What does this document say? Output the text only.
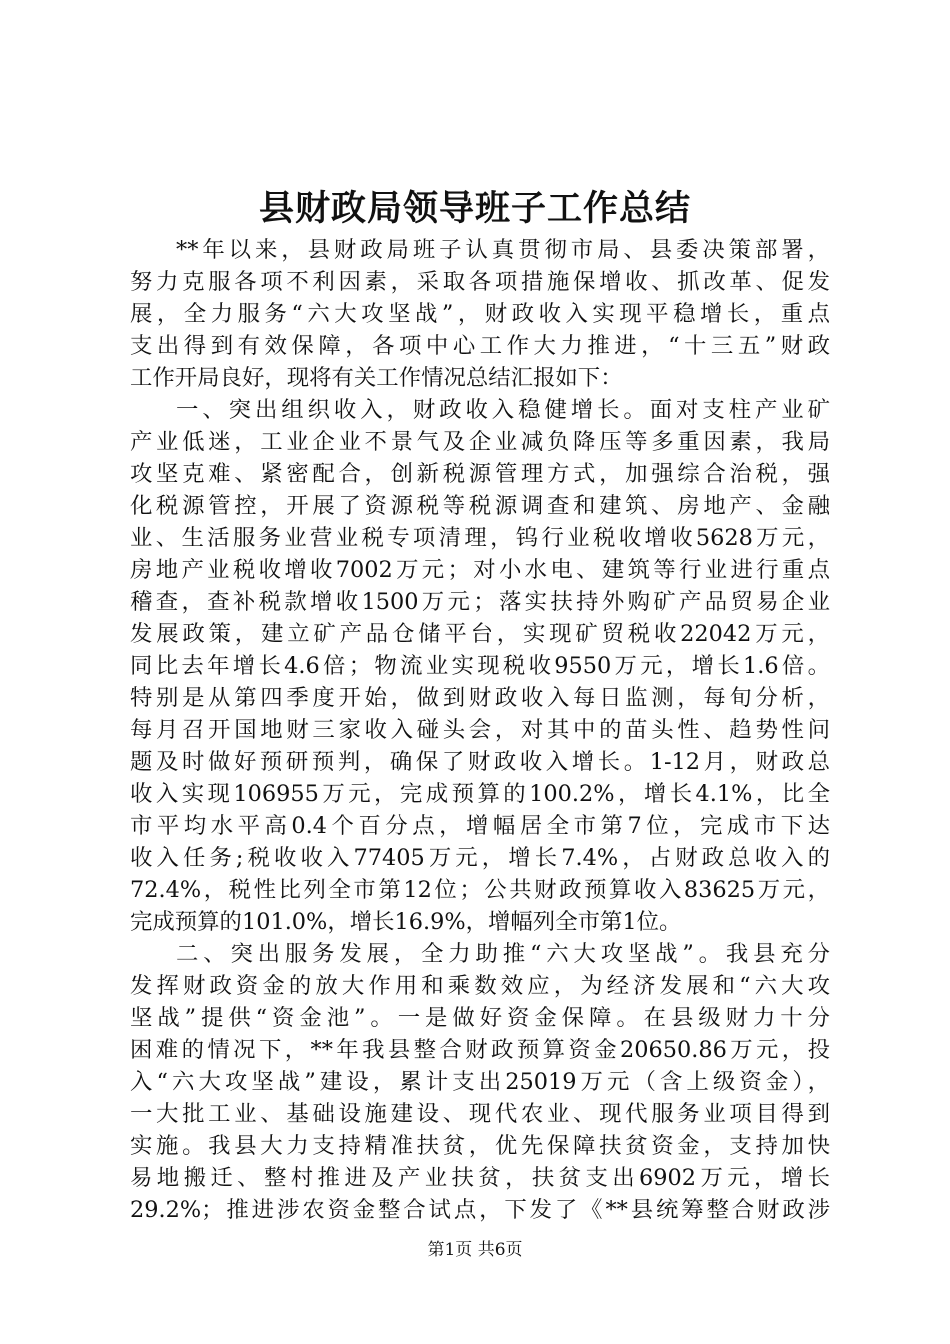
县财政局领导班子工作总结
**年以来，县财政局班子认真贯彻市局、县委决策部署，
努力克服各项不利因素，采取各项措施保增收、抓改革、促发
展，全力服务“六大攻坚战”，财政收入实现平稳增长，重点
支出得到有效保障，各项中心工作大力推进，“十三五”财政
工作开局良好，现将有关工作情况总结汇报如下：
一、突出组织收入，财政收入稳健增长。面对支柱产业矿
产业低迷，工业企业不景气及企业减负降压等多重因素，我局
攻坚克难、紧密配合，创新税源管理方式，加强综合治税，强
化税源管控，开展了资源税等税源调查和建筑、房地产、金融
业、生活服务业营业税专项清理，钨行业税收增收5628万元，
房地产业税收增收7002万元；对小水电、建筑等行业进行重点
稽查，查补税款增收1500万元；落实扶持外购矿产品贸易企业
发展政策，建立矿产品仓储平台，实现矿贸税收22042万元，
同比去年增长4.6倍；物流业实现税收9550万元，增长1.6倍。
特别是从第四季度开始，做到财政收入每日监测，每旬分析，
每月召开国地财三家收入碰头会，对其中的苗头性、趋势性问
题及时做好预研预判，确保了财政收入增长。1-12月，财政总
收入实现106955万元，完成预算的100.2%，增长4.1%，比全
市平均水平高0.4个百分点，增幅居全市第7位，完成市下达
收入任务;税收收入77405万元，增长7.4%，占财政总收入的
72.4%，税性比列全市第12位；公共财政预算收入83625万元，
完成预算的101.0%，增长16.9%，增幅列全市第1位。
二、突出服务发展，全力助推“六大攻坚战”。我县充分
发挥财政资金的放大作用和乘数效应，为经济发展和“六大攻
坚战”提供“资金池”。一是做好资金保障。在县级财力十分
困难的情况下，**年我县整合财政预算资金20650.86万元，投
入“六大攻坚战”建设，累计支出25019万元（含上级资金），
一大批工业、基础设施建设、现代农业、现代服务业项目得到
实施。我县大力支持精准扶贫，优先保障扶贫资金，支持加快
易地搬迁、整村推进及产业扶贫，扶贫支出6902万元，增长
29.2%；推进涉农资金整合试点，下发了《**县统筹整合财政涉
第1页 共6页
